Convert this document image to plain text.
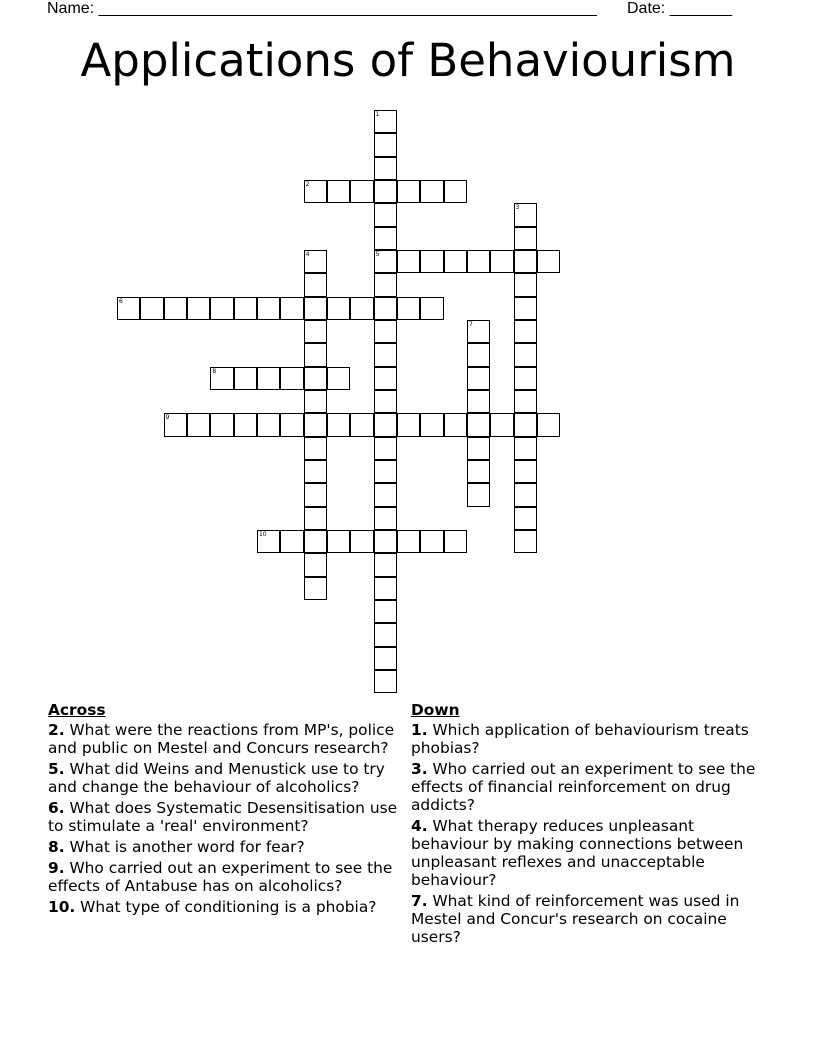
Name: ________________________________________________________ Date: _______
Applications of Behaviourism
1
5
2
3
4
6
7
8
9
10
Across
2. What were the reactions from MP's, police and public on Mestel and Concurs research?
5. What did Weins and Menustick use to try and change the behaviour of alcoholics?
6. What does Systematic Desensitisation use to stimulate a 'real' environment?
8. What is another word for fear?
9. Who carried out an experiment to see the effects of Antabuse has on alcoholics?
10. What type of conditioning is a phobia?
Down
1. Which application of behaviourism treats phobias?
3. Who carried out an experiment to see the effects of financial reinforcement on drug addicts?
4. What therapy reduces unpleasant behaviour by making connections between unpleasant reflexes and unacceptable behaviour?
7. What kind of reinforcement was used in Mestel and Concur's research on cocaine users?
